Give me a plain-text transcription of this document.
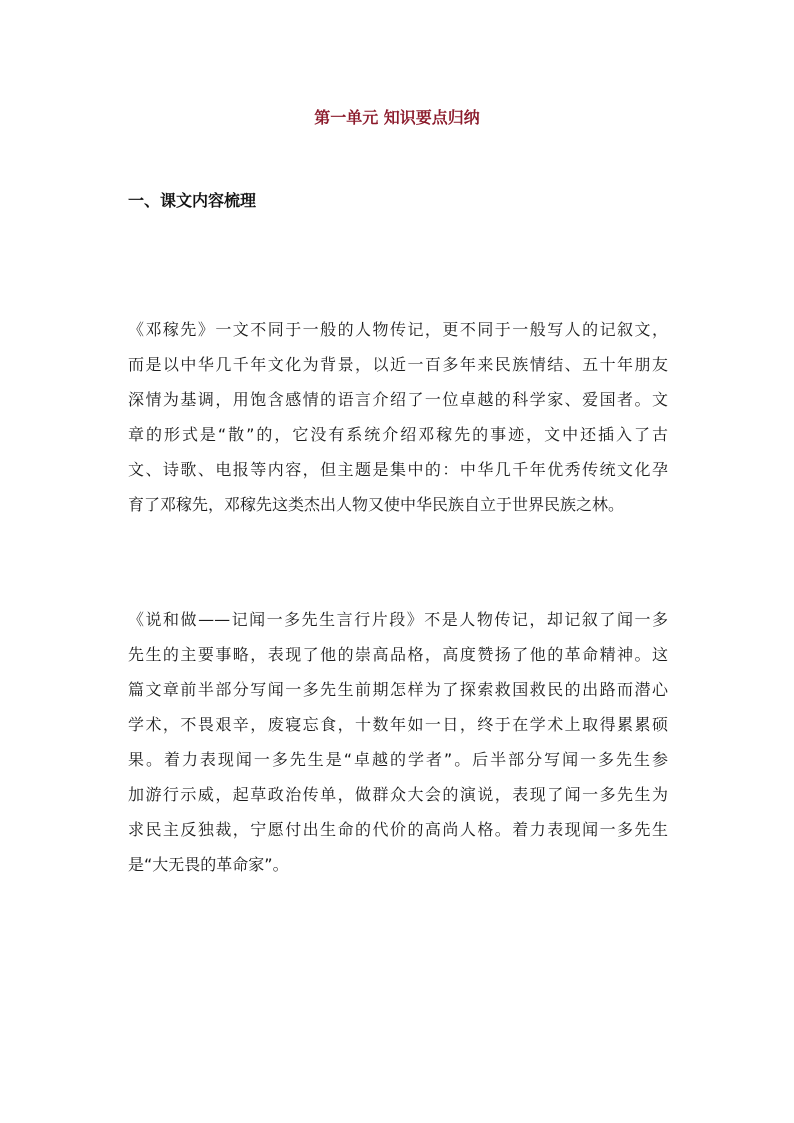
第一单元 知识要点归纳
一、课文内容梳理
《邓稼先》一文不同于一般的人物传记，更不同于一般写人的记叙文，
而是以中华几千年文化为背景，以近一百多年来民族情结、五十年朋友
深情为基调，用饱含感情的语言介绍了一位卓越的科学家、爱国者。文
章的形式是“散”的，它没有系统介绍邓稼先的事迹，文中还插入了古
文、诗歌、电报等内容，但主题是集中的：中华几千年优秀传统文化孕
育了邓稼先，邓稼先这类杰出人物又使中华民族自立于世界民族之林。
《说和做——记闻一多先生言行片段》不是人物传记，却记叙了闻一多
先生的主要事略，表现了他的崇高品格，高度赞扬了他的革命精神。这
篇文章前半部分写闻一多先生前期怎样为了探索救国救民的出路而潜心
学术，不畏艰辛，废寝忘食，十数年如一日，终于在学术上取得累累硕
果。着力表现闻一多先生是“卓越的学者”。后半部分写闻一多先生参
加游行示威，起草政治传单，做群众大会的演说，表现了闻一多先生为
求民主反独裁，宁愿付出生命的代价的高尚人格。着力表现闻一多先生
是“大无畏的革命家”。
